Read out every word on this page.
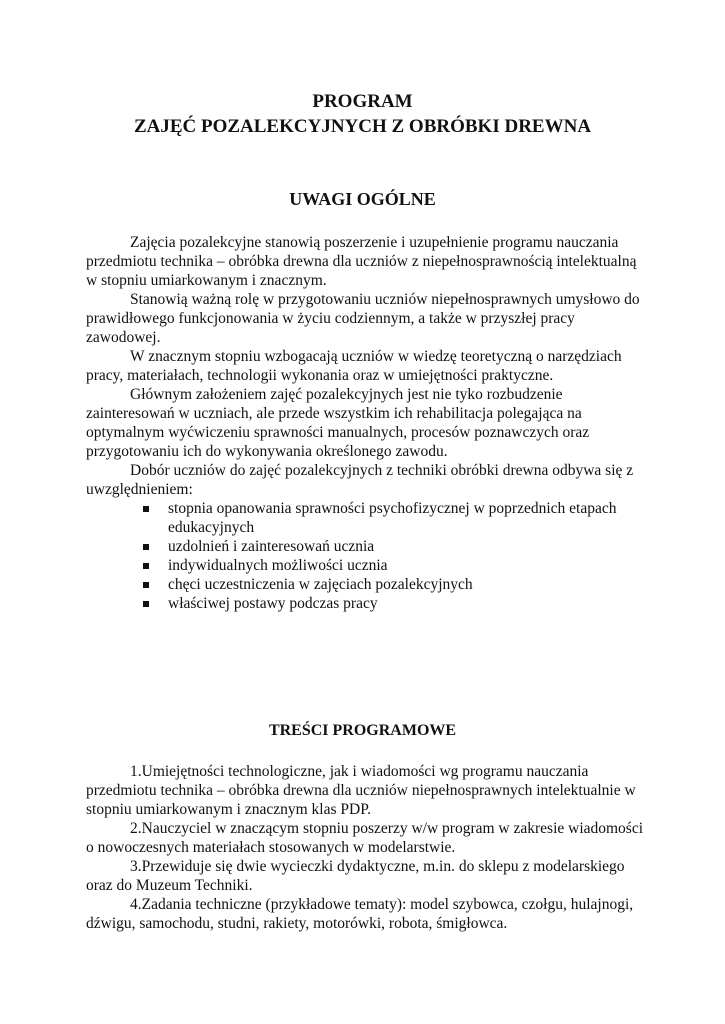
PROGRAM
ZAJĘĆ POZALEKCYJNYCH Z OBRÓBKI DREWNA
UWAGI OGÓLNE

Zajęcia pozalekcyjne stanowią poszerzenie i uzupełnienie programu nauczania przedmiotu technika – obróbka drewna dla uczniów z niepełnosprawnością intelektualną w stopniu umiarkowanym i znacznym.

Stanowią ważną rolę w przygotowaniu uczniów niepełnosprawnych umysłowo do prawidłowego funkcjonowania w życiu codziennym, a także w przyszłej pracy zawodowej.

W znacznym stopniu wzbogacają uczniów w wiedzę teoretyczną o narzędziach pracy, materiałach, technologii wykonania oraz w umiejętności praktyczne.

Głównym założeniem zajęć pozalekcyjnych jest nie tyko rozbudzenie zainteresowań w uczniach, ale przede wszystkim ich rehabilitacja polegająca na optymalnym wyćwiczeniu sprawności manualnych, procesów poznawczych oraz przygotowaniu ich do wykonywania określonego zawodu.

Dobór uczniów do zajęć pozalekcyjnych z techniki obróbki drewna odbywa się z uwzględnieniem:

stopnia opanowania sprawności psychofizycznej w poprzednich etapach edukacyjnych
uzdolnień i zainteresowań ucznia
indywidualnych możliwości ucznia
chęci uczestniczenia w zajęciach pozalekcyjnych
właściwej postawy podczas pracy
TREŚCI PROGRAMOWE

1.Umiejętności technologiczne, jak i wiadomości wg programu nauczania przedmiotu technika – obróbka drewna dla uczniów niepełnosprawnych intelektualnie w stopniu umiarkowanym i znacznym klas PDP.

2.Nauczyciel w znaczącym stopniu poszerzy w/w program w zakresie wiadomości o nowoczesnych materiałach stosowanych w modelarstwie.

3.Przewiduje się dwie wycieczki dydaktyczne, m.in. do sklepu z modelarskiego oraz do Muzeum Techniki.

4.Zadania techniczne (przykładowe tematy): model szybowca, czołgu, hulajnogi, dźwigu, samochodu, studni, rakiety, motorówki, robota, śmigłowca.
